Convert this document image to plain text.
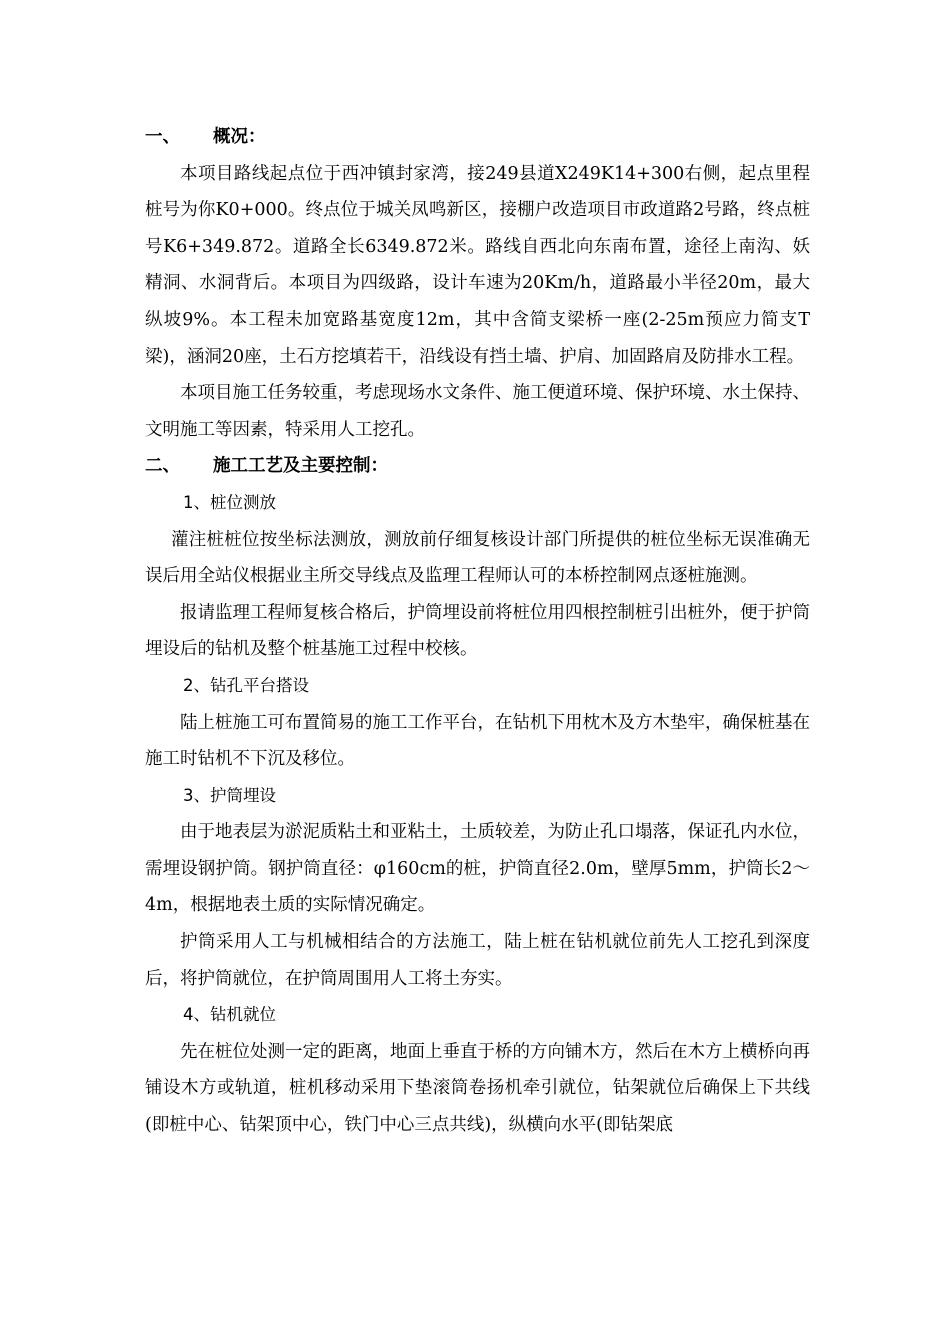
一、 概况：

本项目路线起点位于西冲镇封家湾，接249县道X249K14+300右侧，起点里程桩号为你K0+000。终点位于城关凤鸣新区，接棚户改造项目市政道路2号路，终点桩号K6+349.872。道路全长6349.872米。路线自西北向东南布置，途径上南沟、妖精洞、水洞背后。本项目为四级路，设计车速为20Km/h，道路最小半径20m，最大纵坡9%。本工程未加宽路基宽度12m，其中含简支梁桥一座(2-25m预应力简支T梁)，涵洞20座，土石方挖填若干，沿线设有挡土墙、护肩、加固路肩及防排水工程。

本项目施工任务较重，考虑现场水文条件、施工便道环境、保护环境、水土保持、文明施工等因素，特采用人工挖孔。

二、 施工工艺及主要控制：

1、桩位测放

灌注桩桩位按坐标法测放，测放前仔细复核设计部门所提供的桩位坐标无误准确无误后用全站仪根据业主所交导线点及监理工程师认可的本桥控制网点逐桩施测。

报请监理工程师复核合格后，护筒埋设前将桩位用四根控制桩引出桩外，便于护筒埋设后的钻机及整个桩基施工过程中校核。

2、钻孔平台搭设

陆上桩施工可布置简易的施工工作平台，在钻机下用枕木及方木垫牢，确保桩基在施工时钻机不下沉及移位。

3、护筒埋设

由于地表层为淤泥质粘土和亚粘土，土质较差，为防止孔口塌落，保证孔内水位，需埋设钢护筒。钢护筒直径：φ160cm的桩，护筒直径2.0m，壁厚5mm，护筒长2～4m，根据地表土质的实际情况确定。

护筒采用人工与机械相结合的方法施工，陆上桩在钻机就位前先人工挖孔到深度后，将护筒就位，在护筒周围用人工将土夯实。

4、钻机就位

先在桩位处测一定的距离，地面上垂直于桥的方向铺木方，然后在木方上横桥向再铺设木方或轨道，桩机移动采用下垫滚筒卷扬机牵引就位，钻架就位后确保上下共线(即桩中心、钻架顶中心，铁门中心三点共线)，纵横向水平(即钻架底
